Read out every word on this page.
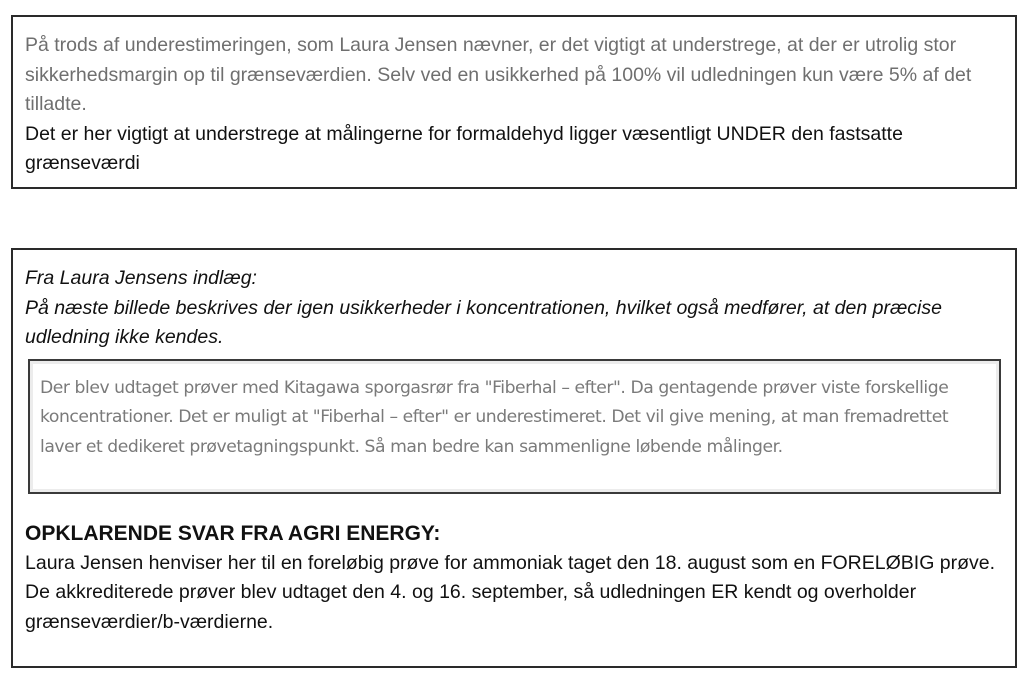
På trods af underestimeringen, som Laura Jensen nævner, er det vigtigt at understrege, at der er utrolig stor sikkerhedsmargin op til grænseværdien. Selv ved en usikkerhed på 100% vil udledningen kun være 5% af det tilladte.

Det er her vigtigt at understrege at målingerne for formaldehyd ligger væsentligt UNDER den fastsatte grænseværdi

Fra Laura Jensens indlæg:

På næste billede beskrives der igen usikkerheder i koncentrationen, hvilket også medfører, at den præcise udledning ikke kendes.

Der blev udtaget prøver med Kitagawa sporgasrør fra "Fiberhal – efter". Da gentagende prøver viste forskellige koncentrationer. Det er muligt at "Fiberhal – efter" er underestimeret. Det vil give mening, at man fremadrettet laver et dedikeret prøvetagningspunkt. Så man bedre kan sammenligne løbende målinger.

OPKLARENDE SVAR FRA AGRI ENERGY:

Laura Jensen henviser her til en foreløbig prøve for ammoniak taget den 18. august som en FORELØBIG prøve. De akkrediterede prøver blev udtaget den 4. og 16. september, så udledningen ER kendt og overholder grænseværdier/b-værdierne.
